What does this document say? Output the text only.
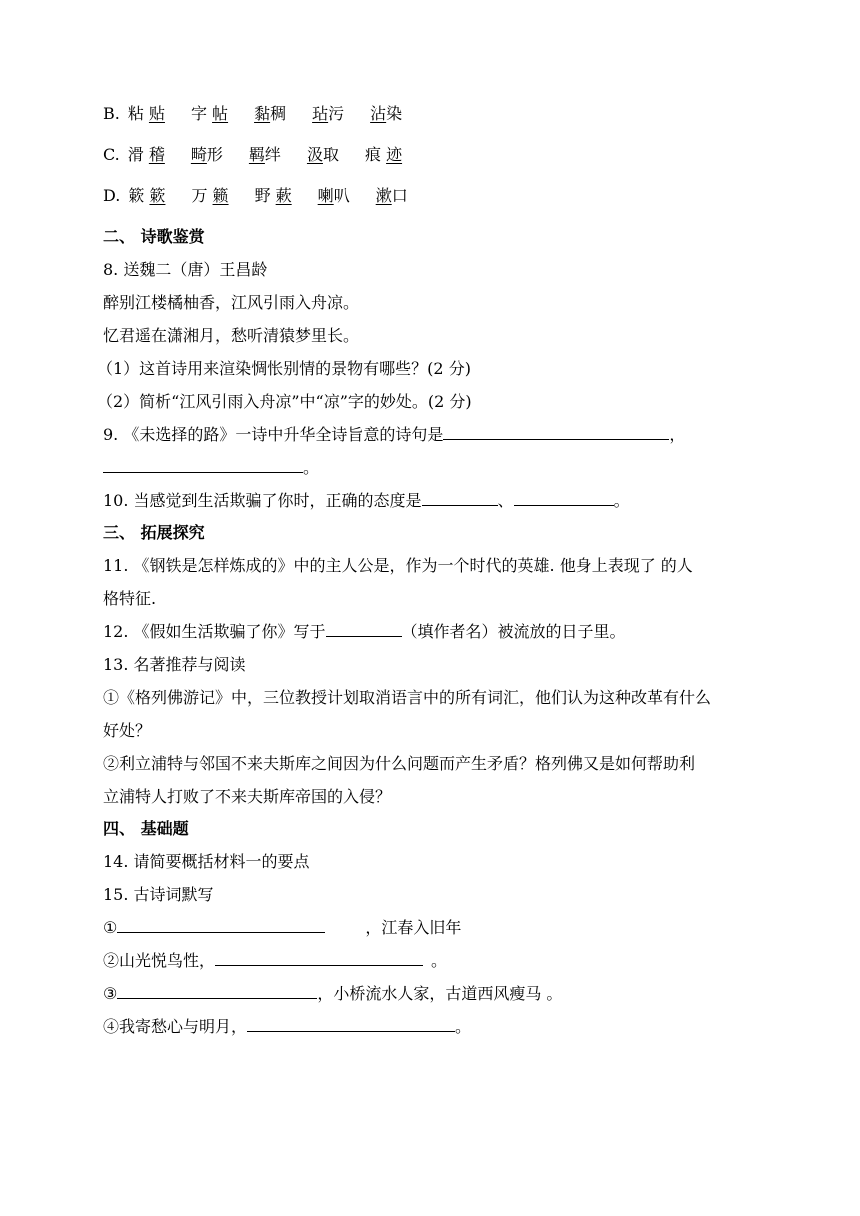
B. 粘 贴 字 帖 黏稠 玷污 沾染
C. 滑 稽 畸形 羁绊 汲取 痕 迹
D. 簌 簌 万 籁 野 蔌 喇叭 漱口
二、 诗歌鉴赏
8. 送魏二（唐）王昌龄
醉别江楼橘柚香，江风引雨入舟凉。
忆君遥在潇湘月，愁听清猿梦里长。
（1）这首诗用来渲染惆怅别情的景物有哪些？(2 分)
（2）简析“江风引雨入舟凉”中“凉”字的妙处。(2 分)
9. 《未选择的路》一诗中升华全诗旨意的诗句是	，
。
10. 当感觉到生活欺骗了你时，正确的态度是	、	。
三、 拓展探究
11. 《钢铁是怎样炼成的》中的主人公是，作为一个时代的英雄. 他身上表现了 的人
格特征.
12. 《假如生活欺骗了你》写于	（填作者名）被流放的日子里。
13. 名著推荐与阅读
①《格列佛游记》中，三位教授计划取消语言中的所有词汇，他们认为这种改革有什么
好处？
②利立浦特与邻国不来夫斯库之间因为什么问题而产生矛盾？格列佛又是如何帮助利
立浦特人打败了不来夫斯库帝国的入侵？
四、 基础题
14. 请简要概括材料一的要点
15. 古诗词默写
①	，江春入旧年
②山光悦鸟性，	。
③	，小桥流水人家，古道西风瘦马 。
④我寄愁心与明月，	。
